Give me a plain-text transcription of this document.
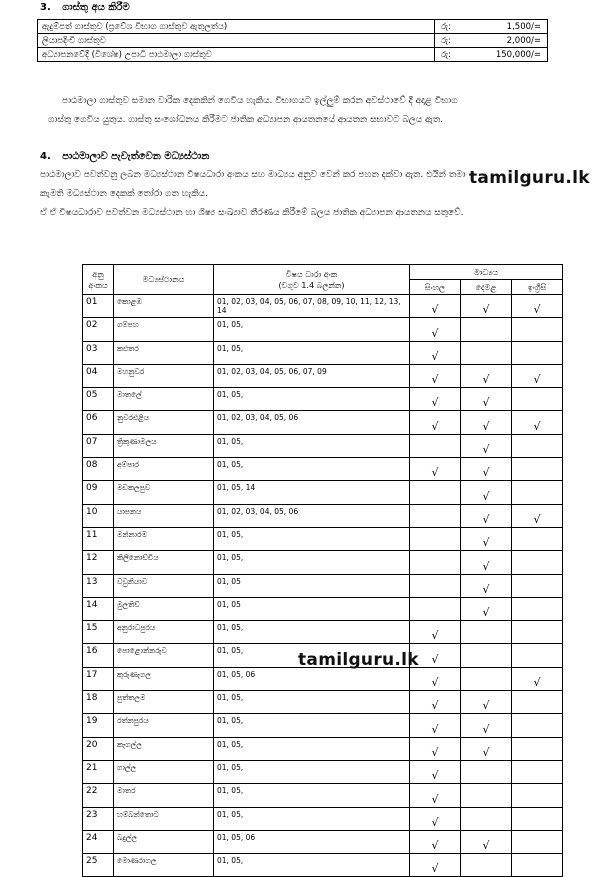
3. ගාස්තු අය කිරීම
ඇදුම්පත් ගාස්තුව (ප්‍රවේශ විභාග ගාස්තුව ඇතුලත්ය)	රු:	1,500/=
ලියාපදිංචි ගාස්තුව	රු:	2,000/=
අධ්‍යාපනවේදී (විශේෂ) උපාධි පාඨමාලා ගාස්තුව	රු:	150,000/=
පාඨමාලා ගාස්තුව සමාන වාරික දෙකකින් ගෙවිය හැකිය. විභාගයට ඉල්ලුම් කරන අවස්ථාවේ දී අදාළ විභාග
ගාස්තු ගෙවිය යුතුය. ගාස්තු සංශෝධනය කිරීමට ජාතික අධ්‍යාපන ආයතනයේ ආයතන සභාවට බලය ඇත.
4. පාඨමාලාව පැවැත්වෙන මධ්‍යස්ථාන
tamilguru.lk
පාඨමාලාව පවත්වනු ලබන මධ්‍යස්ථාන විෂයධාරා අංකය සහ මාධ්‍යය අනුව වෙන් කර පහත දක්වා ඇත. එයින් තමා
කැමති මධ්‍යස්ථාන දෙකක් තෝරා ගත හැකිය.
ඒ ඒ විෂයධාරාව පවත්වන මධ්‍යස්ථාන හා ශිෂ්‍ය සංඛ්‍යාව තීරණය කිරීමේ බලය ජාතික අධ්‍යාපන ආයතනය සතුවේ.
අනු අංකය	මධ්‍යස්ථානය	විෂය ධාරා අංක
(වගුව 1.4 බලන්න)	මාධ්‍යය		
			සිංහල	දෙමළ	ඉංග්‍රීසි
01	කොළඹ	01, 02, 03, 04, 05, 06, 07, 08, 09, 10, 11, 12, 13, 14	√	√	√
02	ගම්පහ	01, 05,	√		
03	කළුතර	01, 05,	√		
04	මහනුවර	01, 02, 03, 04, 05, 06, 07, 09	√	√	√
05	මාතලේ	01, 05,	√	√	
06	නුවරඑළිය	01, 02, 03, 04, 05, 06	√	√	√
07	ත්‍රිකුණාමලය	01, 05,		√	
08	අම්පාර	01, 05,	√	√	
09	මඩකලපුව	01, 05, 14		√	
10	යාපනය	01, 02, 03, 04, 05, 06		√	√
11	මන්නාරම	01, 05,		√	
12	කිලිනොච්චිය	01, 05,		√	
13	වවුනියාව	01, 05		√	
14	මුලතිව්	01, 05		√	
15	අනුරාධපුරය	01, 05,	√		
16	පොළොන්නරුව	01, 05,	√		
17	කුරුණෑගල	01, 05, 06	√		√
18	පුත්තලම	01, 05,	√	√	
19	රත්නපුරය	01, 05,	√	√	
20	කෑගල්ල	01, 05,	√	√	
21	ගාල්ල	01, 05,	√		
22	මාතර	01, 05,	√		
23	හම්බන්තොට	01, 05,	√		
24	බදුල්ල	01, 05, 06	√	√	
25	මොණරාගල	01, 05,	√		
tamilguru.lk
